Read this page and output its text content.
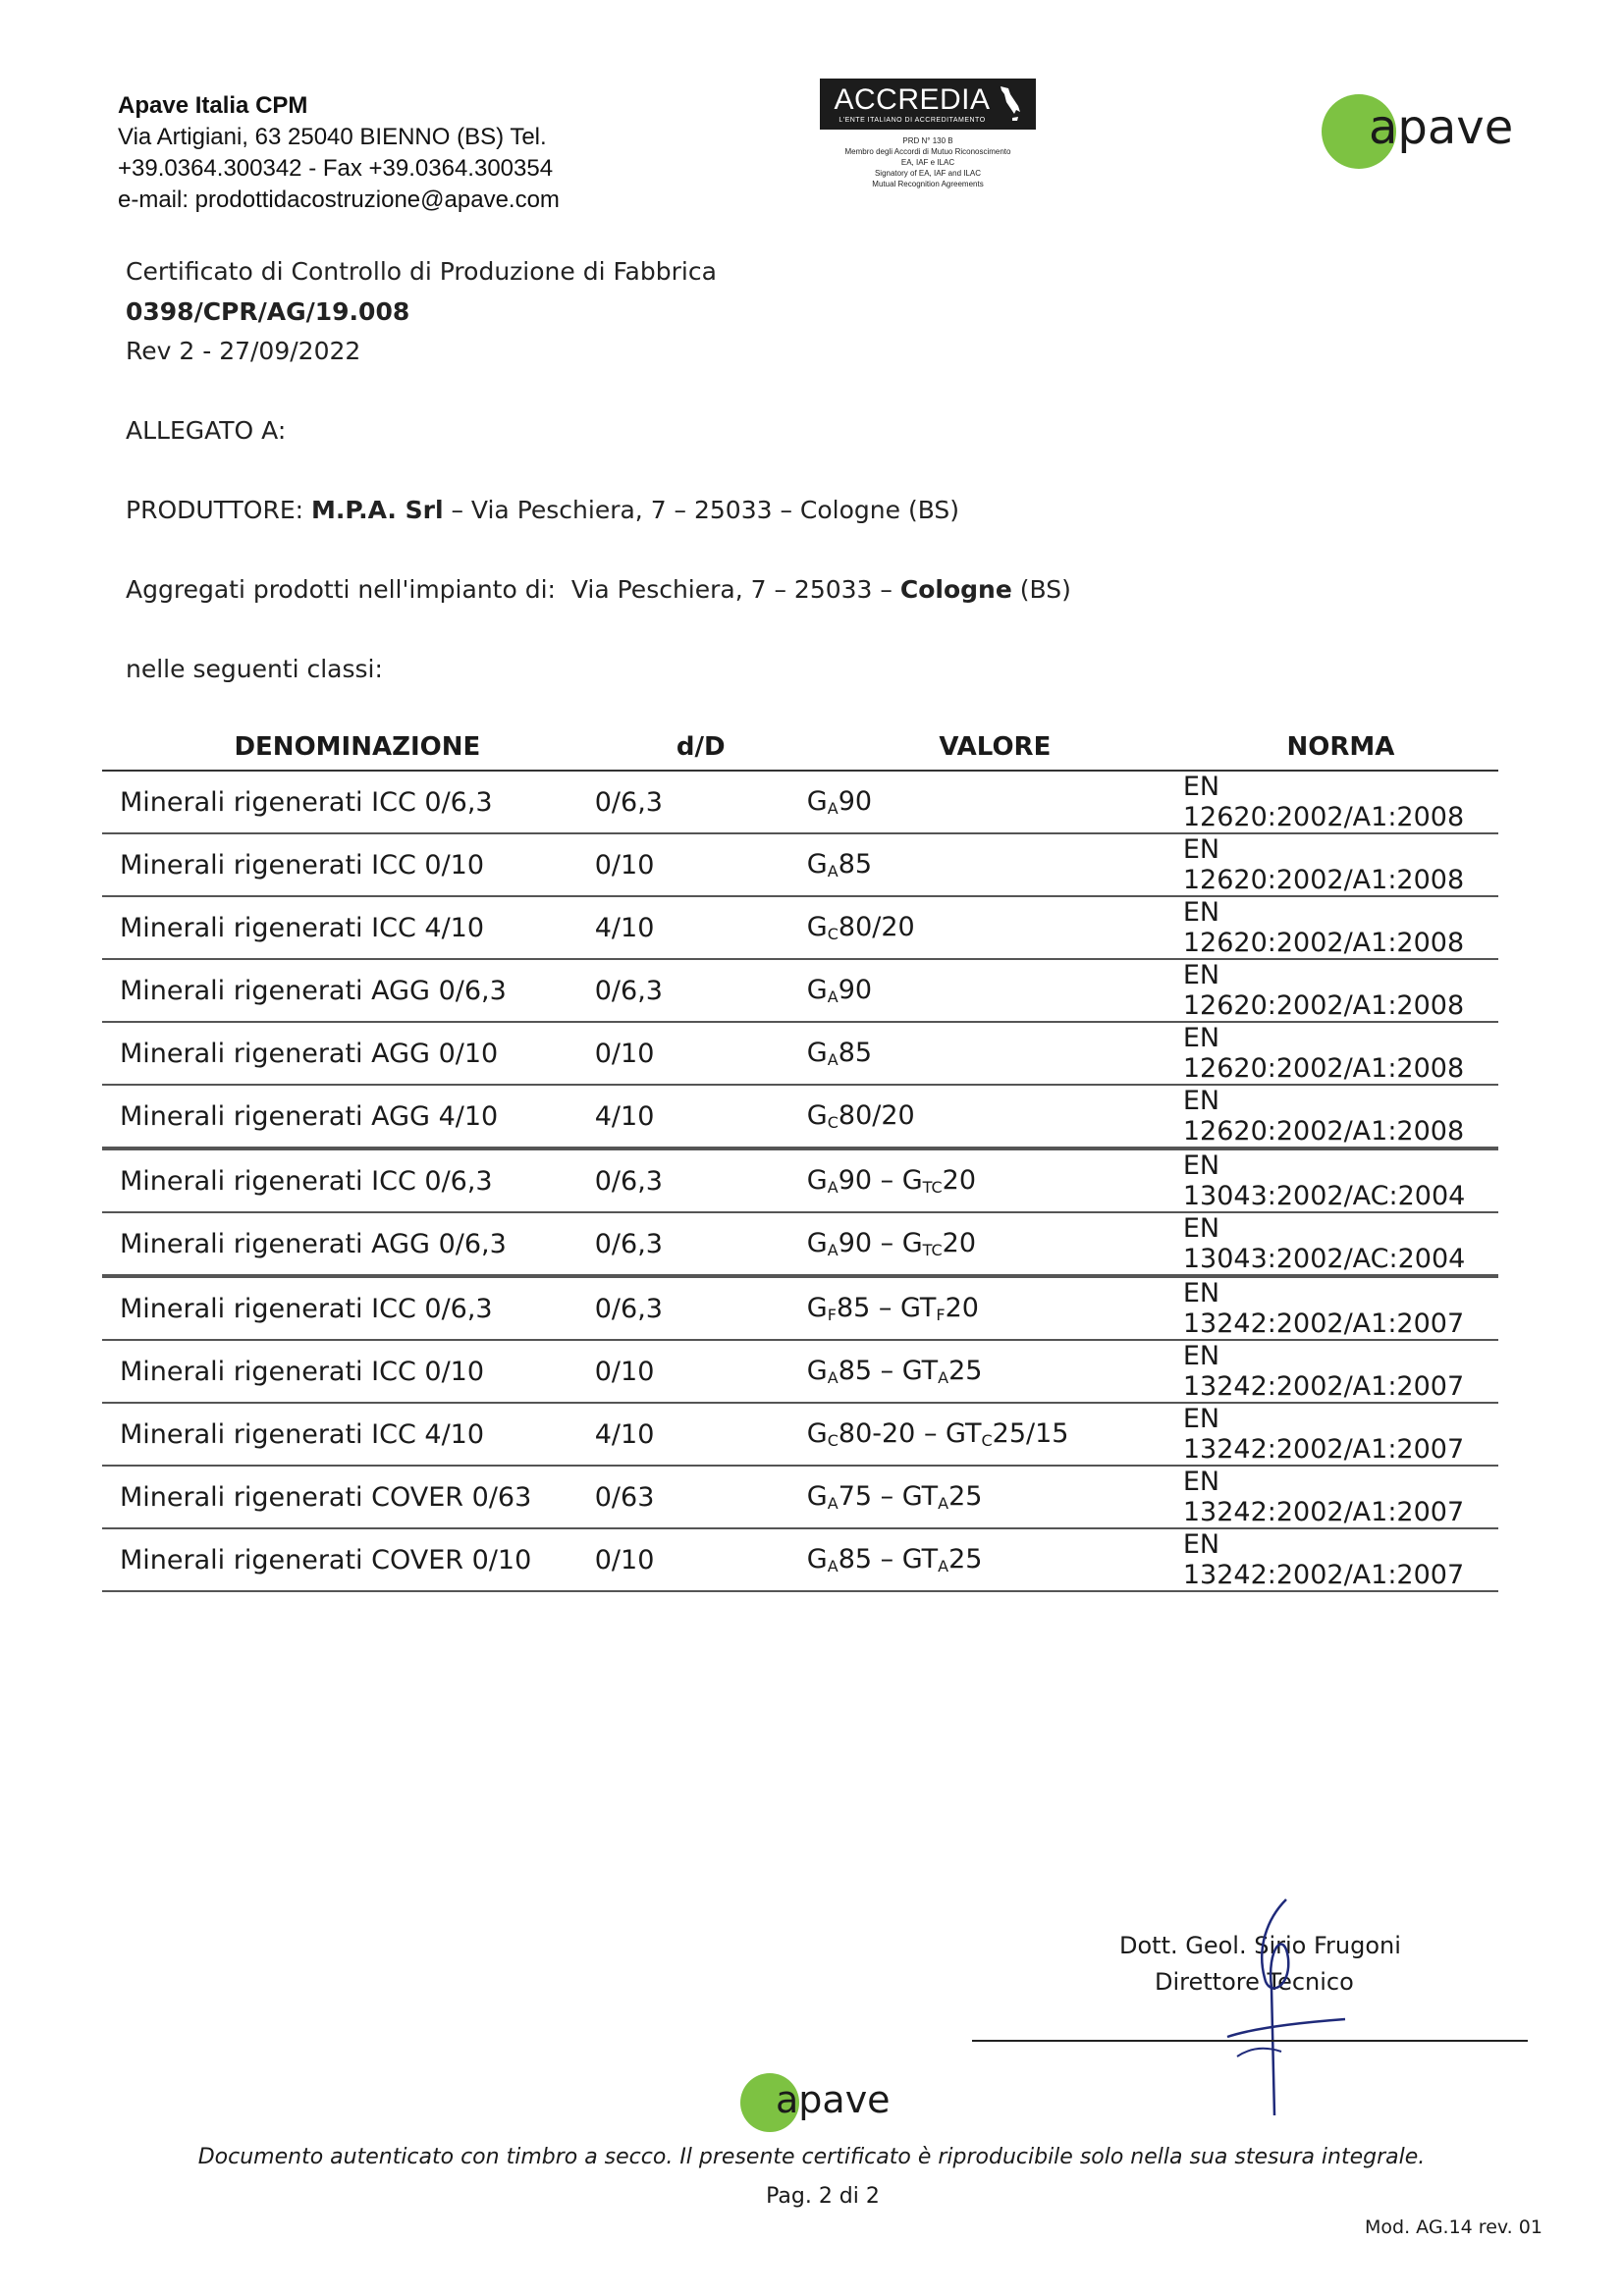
Apave Italia CPM
Via Artigiani, 63 25040 BIENNO (BS) Tel.
+39.0364.300342 - Fax +39.0364.300354
e-mail: prodottidacostruzione@apave.com
ACCREDIA
L'ENTE ITALIANO DI ACCREDITAMENTO
PRD N° 130 B
Membro degli Accordi di Mutuo Riconoscimento
EA, IAF e ILAC
Signatory of EA, IAF and ILAC
Mutual Recognition Agreements
apave
Certificato di Controllo di Produzione di Fabbrica
0398/CPR/AG/19.008
Rev 2 - 27/09/2022
ALLEGATO A:
PRODUTTORE: M.P.A. Srl – Via Peschiera, 7 – 25033 – Cologne (BS)
Aggregati prodotti nell'impianto di: Via Peschiera, 7 – 25033 – Cologne (BS)
nelle seguenti classi:
DENOMINAZIONE	d/D	VALORE	NORMA
Minerali rigenerati ICC 0/6,3	0/6,3	$G_A90$	EN 12620:2002/A1:2008
Minerali rigenerati ICC 0/10	0/10	$G_A85$	EN 12620:2002/A1:2008
Minerali rigenerati ICC 4/10	4/10	$G_C80/20$	EN 12620:2002/A1:2008
Minerali rigenerati AGG 0/6,3	0/6,3	$G_A90$	EN 12620:2002/A1:2008
Minerali rigenerati AGG 0/10	0/10	$G_A85$	EN 12620:2002/A1:2008
Minerali rigenerati AGG 4/10	4/10	$G_C80/20$	EN 12620:2002/A1:2008
Minerali rigenerati ICC 0/6,3	0/6,3	$G_A90 - G_{TC}20$	EN 13043:2002/AC:2004
Minerali rigenerati AGG 0/6,3	0/6,3	$G_A90 - G_{TC}20$	EN 13043:2002/AC:2004
Minerali rigenerati ICC 0/6,3	0/6,3	$G_F85 - GT_F20$	EN 13242:2002/A1:2007
Minerali rigenerati ICC 0/10	0/10	$G_A85 - GT_A25$	EN 13242:2002/A1:2007
Minerali rigenerati ICC 4/10	4/10	$G_C80-20 - GT_C25/15$	EN 13242:2002/A1:2007
Minerali rigenerati COVER 0/63	0/63	$G_A75 - GT_A25$	EN 13242:2002/A1:2007
Minerali rigenerati COVER 0/10	0/10	$G_A85 - GT_A25$	EN 13242:2002/A1:2007
Dott. Geol. Sirio Frugoni
Direttore Tecnico
apave
Documento autenticato con timbro a secco. Il presente certificato è riproducibile solo nella sua stesura integrale.
Pag. 2 di 2
Mod. AG.14 rev. 01
